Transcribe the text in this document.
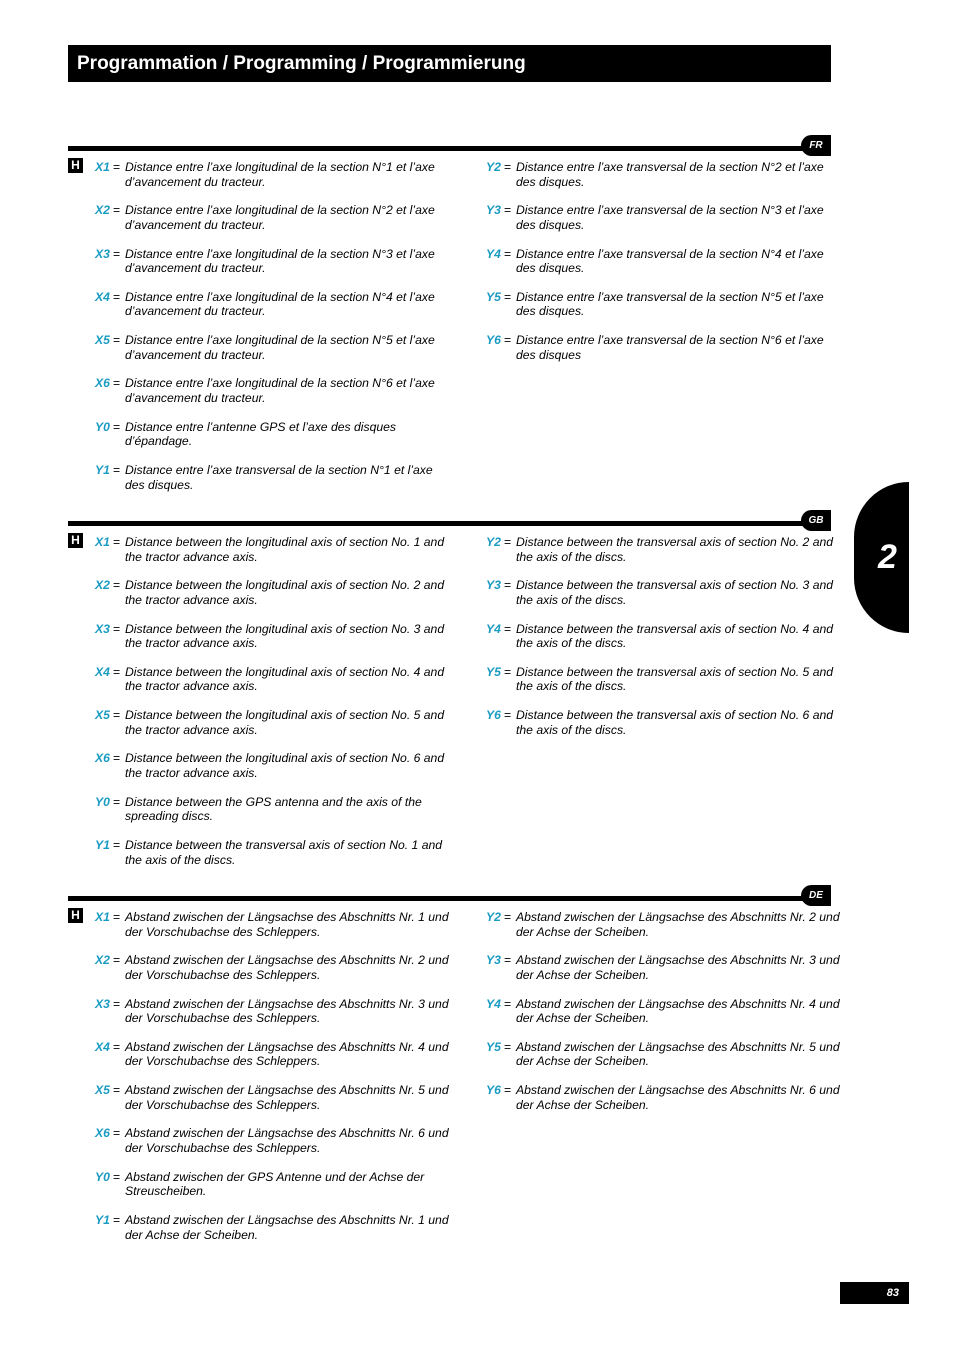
Programmation / Programming / Programmierung
FR
H X1 = Distance entre l’axe longitudinal de la section N°1 et l’axe d’avancement du tracteur.
X2 = Distance entre l’axe longitudinal de la section N°2 et l’axe d’avancement du tracteur.
X3 = Distance entre l’axe longitudinal de la section N°3 et l’axe d’avancement du tracteur.
X4 = Distance entre l’axe longitudinal de la section N°4 et l’axe d’avancement du tracteur.
X5 = Distance entre l’axe longitudinal de la section N°5 et l’axe d’avancement du tracteur.
X6 = Distance entre l’axe longitudinal de la section N°6 et l’axe d’avancement du tracteur.
Y0 = Distance entre l’antenne GPS et l’axe des disques d’épandage.
Y1 = Distance entre l’axe transversal de la section N°1 et l’axe des disques.
Y2 = Distance entre l’axe transversal de la section N°2 et l’axe des disques.
Y3 = Distance entre l’axe transversal de la section N°3 et l’axe des disques.
Y4 = Distance entre l’axe transversal de la section N°4 et l’axe des disques.
Y5 = Distance entre l’axe transversal de la section N°5 et l’axe des disques.
Y6 = Distance entre l’axe transversal de la section N°6 et l’axe des disques
GB
H X1 = Distance between the longitudinal axis of section No. 1 and the tractor advance axis.
X2 = Distance between the longitudinal axis of section No. 2 and the tractor advance axis.
X3 = Distance between the longitudinal axis of section No. 3 and the tractor advance axis.
X4 = Distance between the longitudinal axis of section No. 4 and the tractor advance axis.
X5 = Distance between the longitudinal axis of section No. 5 and the tractor advance axis.
X6 = Distance between the longitudinal axis of section No. 6 and the tractor advance axis.
Y0 = Distance between the GPS antenna and the axis of the spreading discs.
Y1 = Distance between the transversal axis of section No. 1 and the axis of the discs.
Y2 = Distance between the transversal axis of section No. 2 and the axis of the discs.
Y3 = Distance between the transversal axis of section No. 3 and the axis of the discs.
Y4 = Distance between the transversal axis of section No. 4 and the axis of the discs.
Y5 = Distance between the transversal axis of section No. 5 and the axis of the discs.
Y6 = Distance between the transversal axis of section No. 6 and the axis of the discs.
DE
H X1 = Abstand zwischen der Längsachse des Abschnitts Nr. 1 und der Vorschubachse des Schleppers.
X2 = Abstand zwischen der Längsachse des Abschnitts Nr. 2 und der Vorschubachse des Schleppers.
X3 = Abstand zwischen der Längsachse des Abschnitts Nr. 3 und der Vorschubachse des Schleppers.
X4 = Abstand zwischen der Längsachse des Abschnitts Nr. 4 und der Vorschubachse des Schleppers.
X5 = Abstand zwischen der Längsachse des Abschnitts Nr. 5 und der Vorschubachse des Schleppers.
X6 = Abstand zwischen der Längsachse des Abschnitts Nr. 6 und der Vorschubachse des Schleppers.
Y0 = Abstand zwischen der GPS Antenne und der Achse der Streuscheiben.
Y1 = Abstand zwischen der Längsachse des Abschnitts Nr. 1 und der Achse der Scheiben.
Y2 = Abstand zwischen der Längsachse des Abschnitts Nr. 2 und der Achse der Scheiben.
Y3 = Abstand zwischen der Längsachse des Abschnitts Nr. 3 und der Achse der Scheiben.
Y4 = Abstand zwischen der Längsachse des Abschnitts Nr. 4 und der Achse der Scheiben.
Y5 = Abstand zwischen der Längsachse des Abschnitts Nr. 5 und der Achse der Scheiben.
Y6 = Abstand zwischen der Längsachse des Abschnitts Nr. 6 und der Achse der Scheiben.
2
83
